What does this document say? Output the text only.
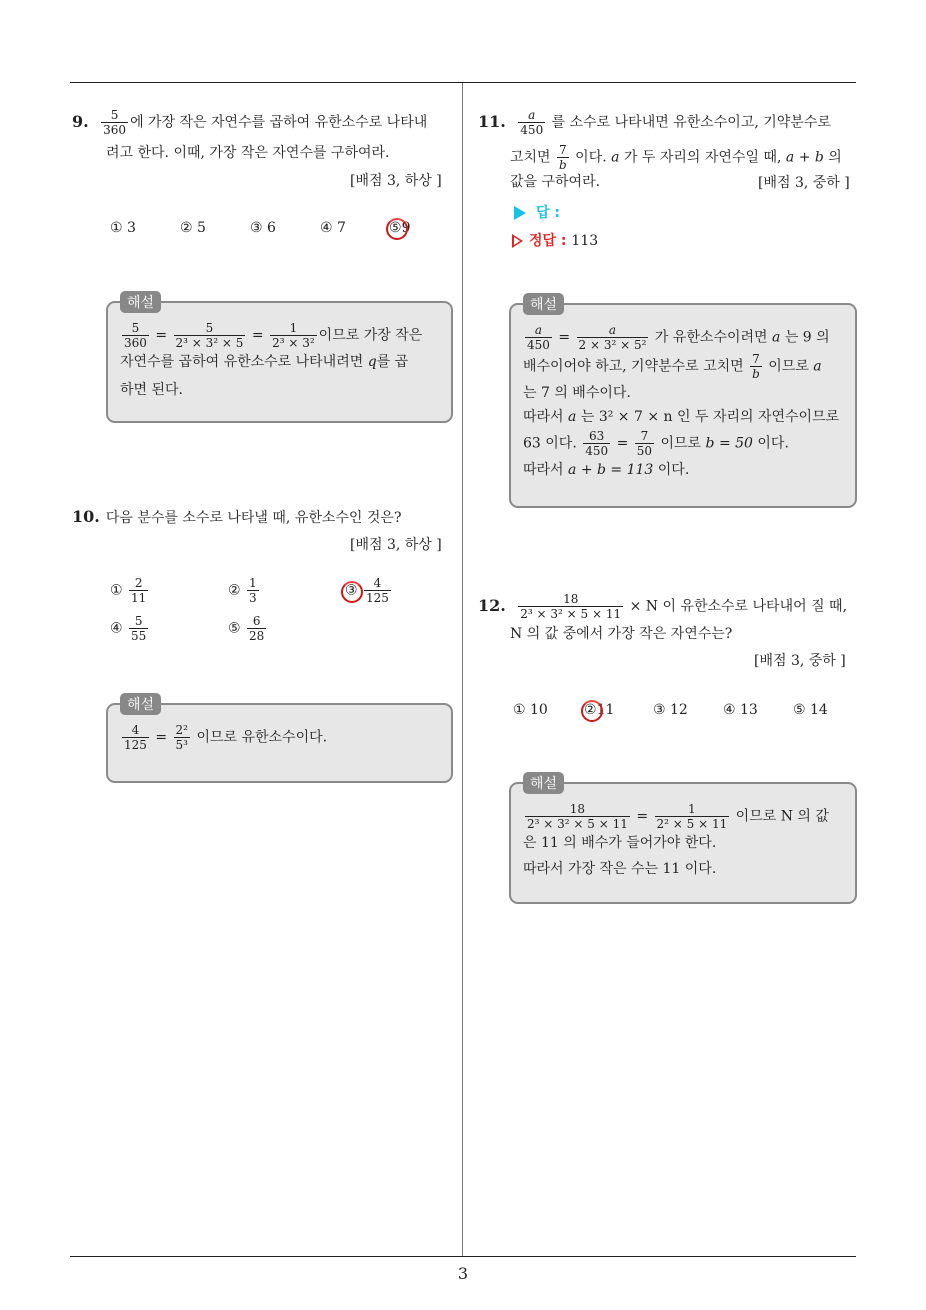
3
9. $\frac{5}{360}$ 에 가장 작은 자연수를 곱하여 유한소수로 나타내
려고 한다. 이때, 가장 작은 자연수를 구하여라.
[배점 3, 하상 ]
① 3	② 5	③ 6	④ 7	⑤9
해설
$\frac{5}{360} = \frac{5}{\text{2³ × 3² × 5}} = \frac{1}{\text{2³ × 3²}}$ 이므로 가장 작은
자연수를 곱하여 유한소수로 나타내려면 q를 곱
하면 된다.
10. 다음 분수를 소수로 나타낼 때, 유한소수인 것은?
[배점 3, 하상 ]
① $\frac{2}{11}$	② $\frac{1}{3}$	③ $\frac{4}{125}$
④ $\frac{5}{55}$	⑤ $\frac{6}{28}$
해설
$\frac{4}{125} = \frac{\text{2²}}{\text{5³}}$ 이므로 유한소수이다.
11. $\frac{a}{450}$ 를 소수로 나타내면 유한소수이고, 기약분수로
고치면 $\frac{7}{b}$ 이다. a 가 두 자리의 자연수일 때, a + b 의
값을 구하여라.	[배점 3, 중하 ]
답 :
정답 : 113
해설
$\frac{a}{450} = \frac{a}{\text{2 × 3² × 5²}}$ 가 유한소수이려면 a 는 9 의
배수이어야 하고, 기약분수로 고치면 $\frac{7}{b}$ 이므로 a
는 7 의 배수이다.
따라서 a 는 3² × 7 × n 인 두 자리의 자연수이므로
63 이다. $\frac{63}{450} = \frac{7}{50}$ 이므로 b = 50 이다.
따라서 a + b = 113 이다.
12. $\frac{18}{\text{2³ × 3² × 5 × 11}} \times N$ 이 유한소수로 나타내어 질 때,
N 의 값 중에서 가장 작은 자연수는?
[배점 3, 중하 ]
① 10	②11	③ 12	④ 13	⑤ 14
해설
$\frac{18}{\text{2³ × 3² × 5 × 11}} = \frac{1}{\text{2² × 5 × 11}}$ 이므로 N 의 값
은 11 의 배수가 들어가야 한다.
따라서 가장 작은 수는 11 이다.
